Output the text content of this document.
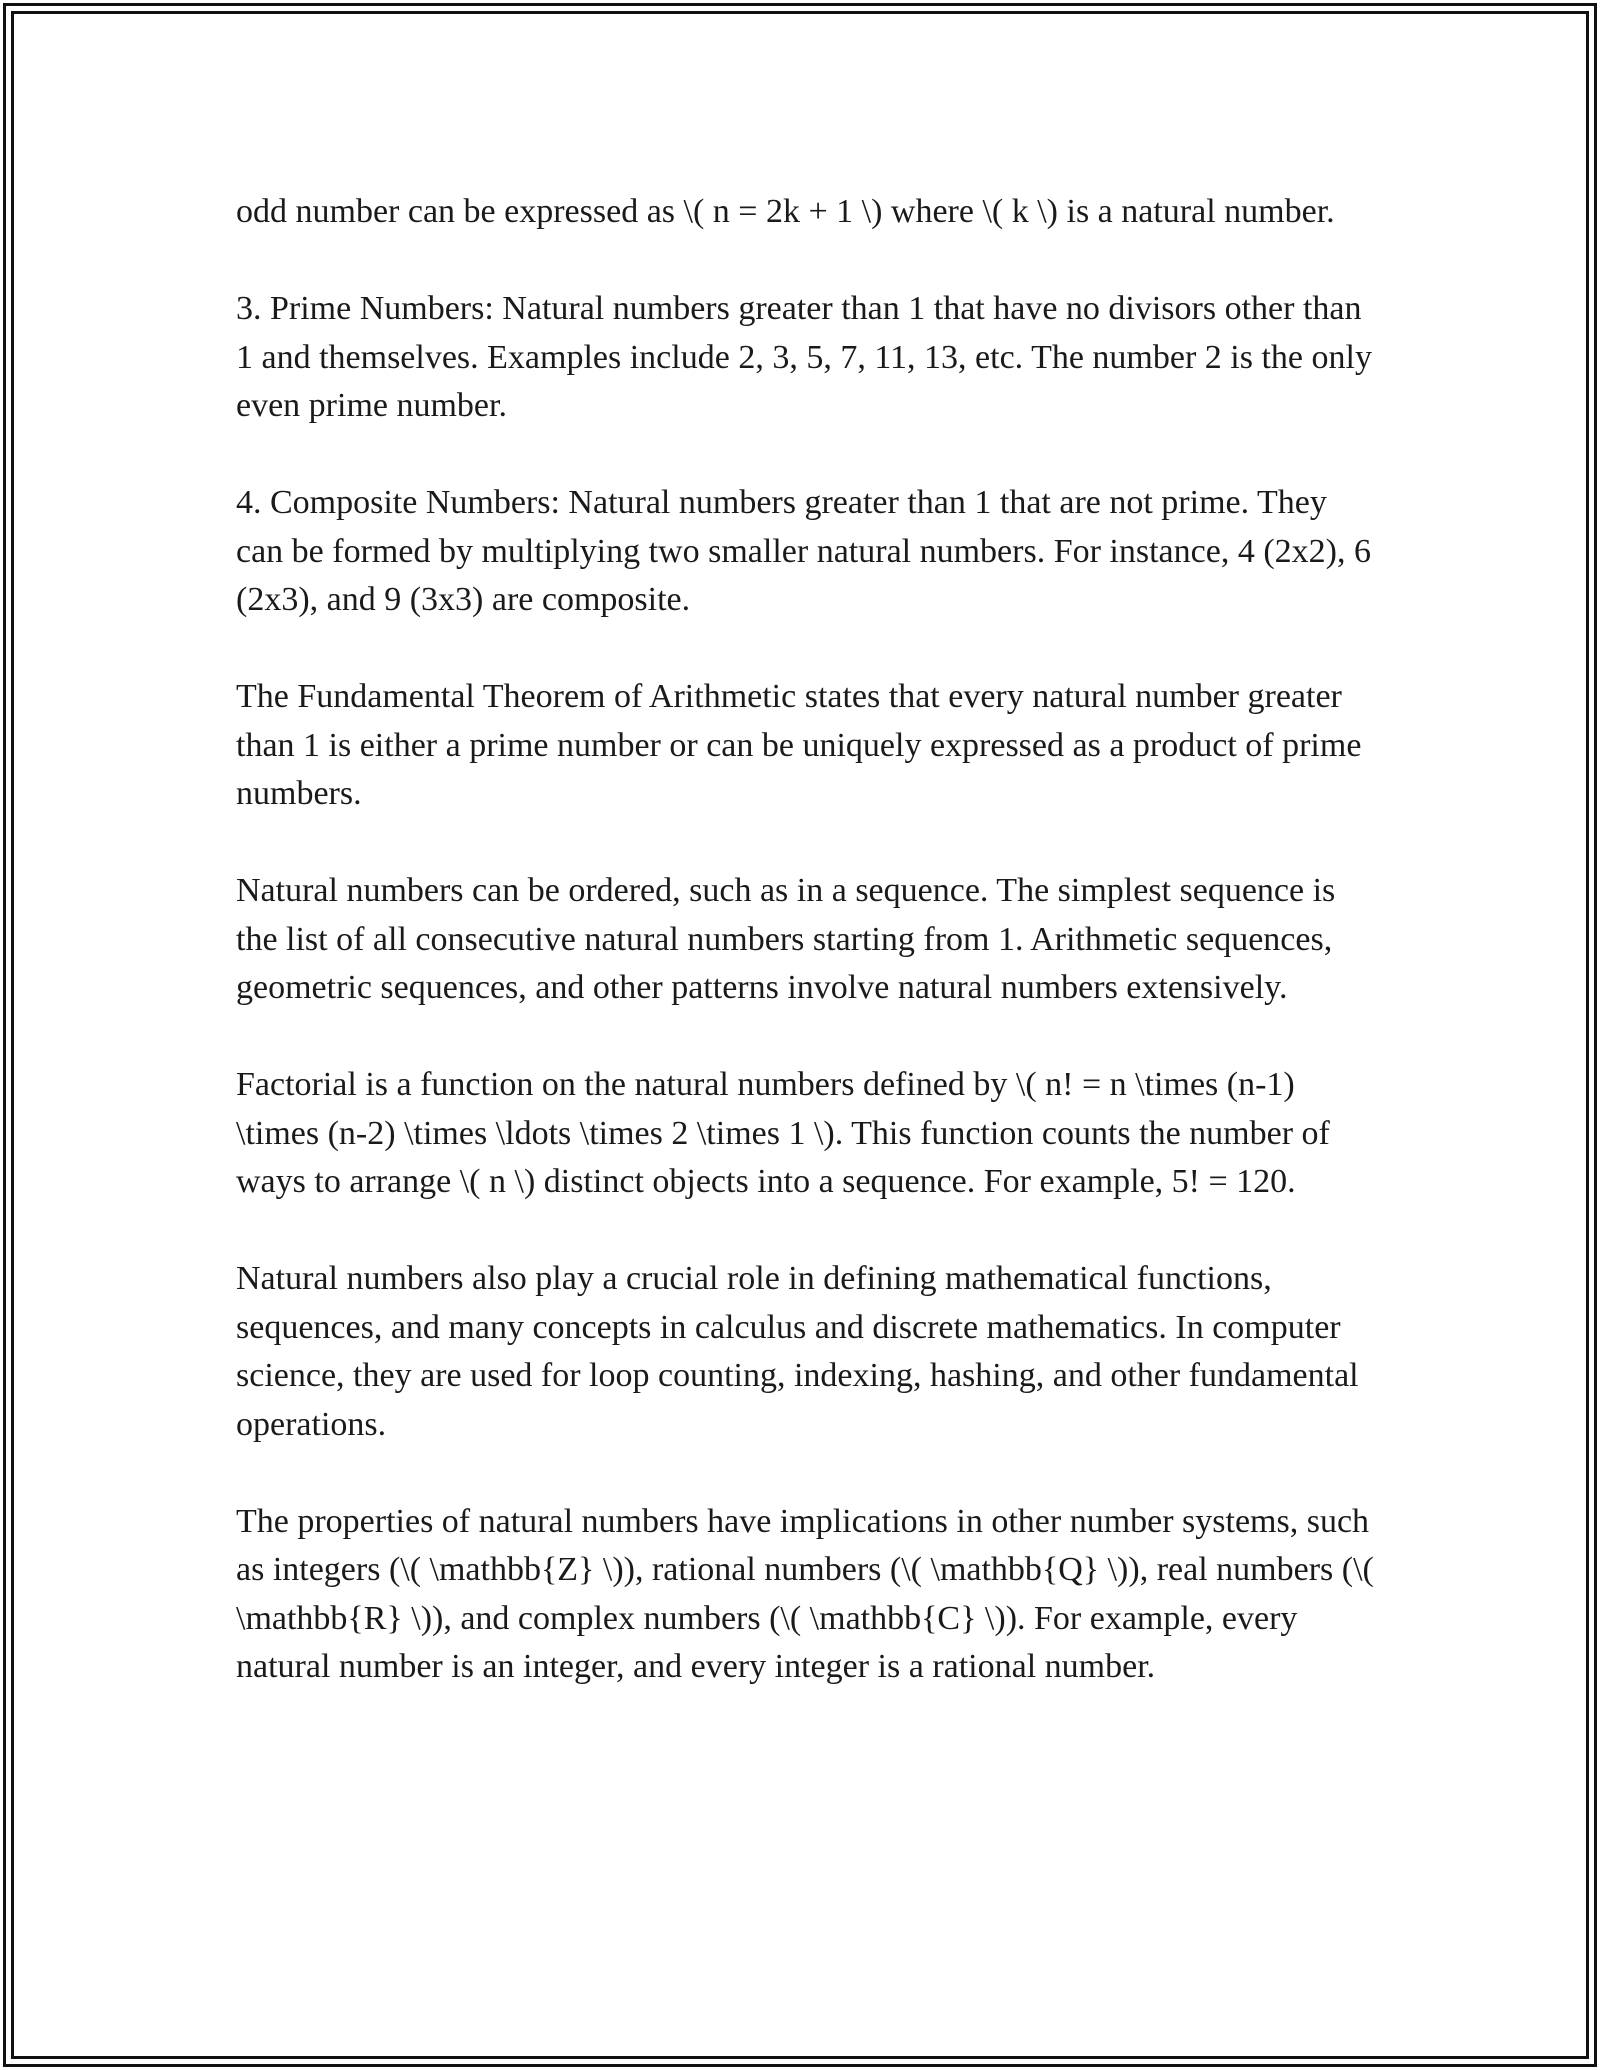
odd number can be expressed as \( n = 2k + 1 \) where \( k \) is a natural number.

3. Prime Numbers: Natural numbers greater than 1 that have no divisors other than 1 and themselves. Examples include 2, 3, 5, 7, 11, 13, etc. The number 2 is the only even prime number.

4. Composite Numbers: Natural numbers greater than 1 that are not prime. They can be formed by multiplying two smaller natural numbers. For instance, 4 (2x2), 6 (2x3), and 9 (3x3) are composite.

The Fundamental Theorem of Arithmetic states that every natural number greater than 1 is either a prime number or can be uniquely expressed as a product of prime numbers.

Natural numbers can be ordered, such as in a sequence. The simplest sequence is the list of all consecutive natural numbers starting from 1. Arithmetic sequences, geometric sequences, and other patterns involve natural numbers extensively.

Factorial is a function on the natural numbers defined by \( n! = n \times (n-1) \times (n-2) \times \ldots \times 2 \times 1 \). This function counts the number of ways to arrange \( n \) distinct objects into a sequence. For example, 5! = 120.

Natural numbers also play a crucial role in defining mathematical functions, sequences, and many concepts in calculus and discrete mathematics. In computer science, they are used for loop counting, indexing, hashing, and other fundamental operations.

The properties of natural numbers have implications in other number systems, such as integers (\( \mathbb{Z} \)), rational numbers (\( \mathbb{Q} \)), real numbers (\( \mathbb{R} \)), and complex numbers (\( \mathbb{C} \)). For example, every natural number is an integer, and every integer is a rational number.
